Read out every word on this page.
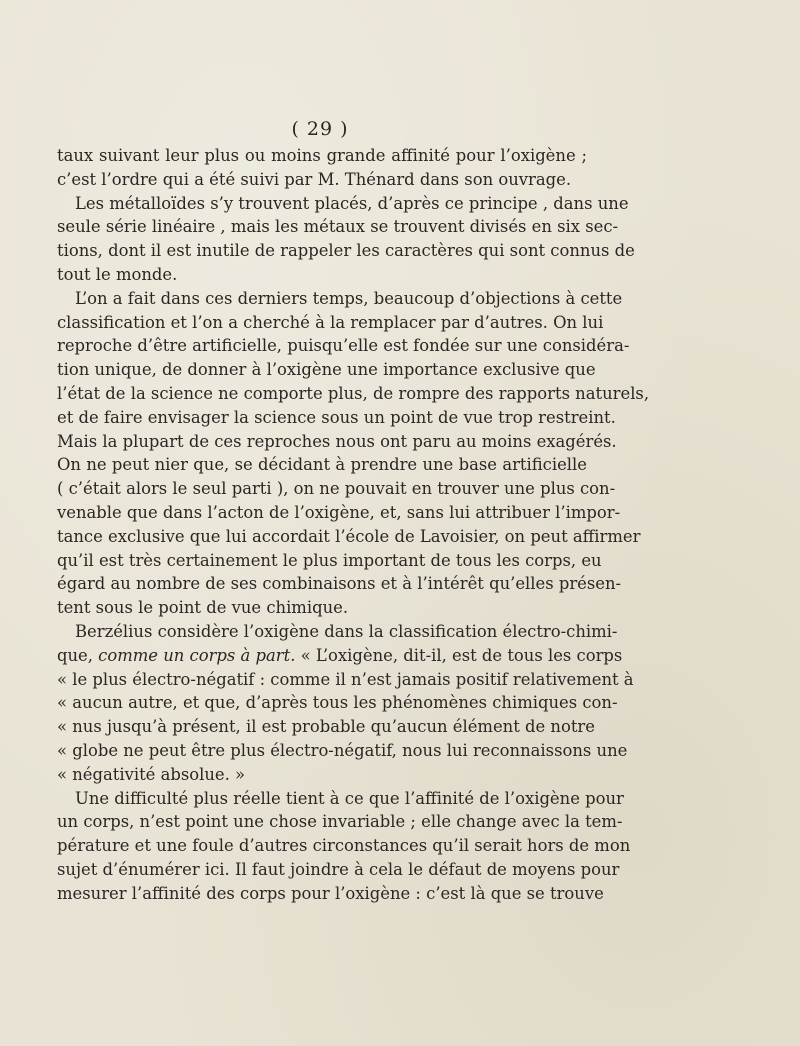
( 29 )
taux suivant leur plus ou moins grande affinité pour l’oxigène ;
c’est l’ordre qui a été suivi par M. Thénard dans son ouvrage.
Les métalloïdes s’y trouvent placés, d’après ce principe , dans une
seule série linéaire , mais les métaux se trouvent divisés en six sec-
tions, dont il est inutile de rappeler les caractères qui sont connus de
tout le monde.
L’on a fait dans ces derniers temps, beaucoup d’objections à cette
classification et l’on a cherché à la remplacer par d’autres. On lui
reproche d’être artificielle, puisqu’elle est fondée sur une considéra-
tion unique, de donner à l’oxigène une importance exclusive que
l’état de la science ne comporte plus, de rompre des rapports naturels,
et de faire envisager la science sous un point de vue trop restreint.
Mais la plupart de ces reproches nous ont paru au moins exagérés.
On ne peut nier que, se décidant à prendre une base artificielle
( c’était alors le seul parti ), on ne pouvait en trouver une plus con-
venable que dans l’acton de l’oxigène, et, sans lui attribuer l’impor-
tance exclusive que lui accordait l’école de Lavoisier, on peut affirmer
qu’il est très certainement le plus important de tous les corps, eu
égard au nombre de ses combinaisons et à l’intérêt qu’elles présen-
tent sous le point de vue chimique.
Berzélius considère l’oxigène dans la classification électro-chimi-
que, comme un corps à part. « L’oxigène, dit-il, est de tous les corps
« le plus électro-négatif : comme il n’est jamais positif relativement à
« aucun autre, et que, d’après tous les phénomènes chimiques con-
« nus jusqu’à présent, il est probable qu’aucun élément de notre
« globe ne peut être plus électro-négatif, nous lui reconnaissons une
« négativité absolue. »
Une difficulté plus réelle tient à ce que l’affinité de l’oxigène pour
un corps, n’est point une chose invariable ; elle change avec la tem-
pérature et une foule d’autres circonstances qu’il serait hors de mon
sujet d’énumérer ici. Il faut joindre à cela le défaut de moyens pour
mesurer l’affinité des corps pour l’oxigène : c’est là que se trouve
